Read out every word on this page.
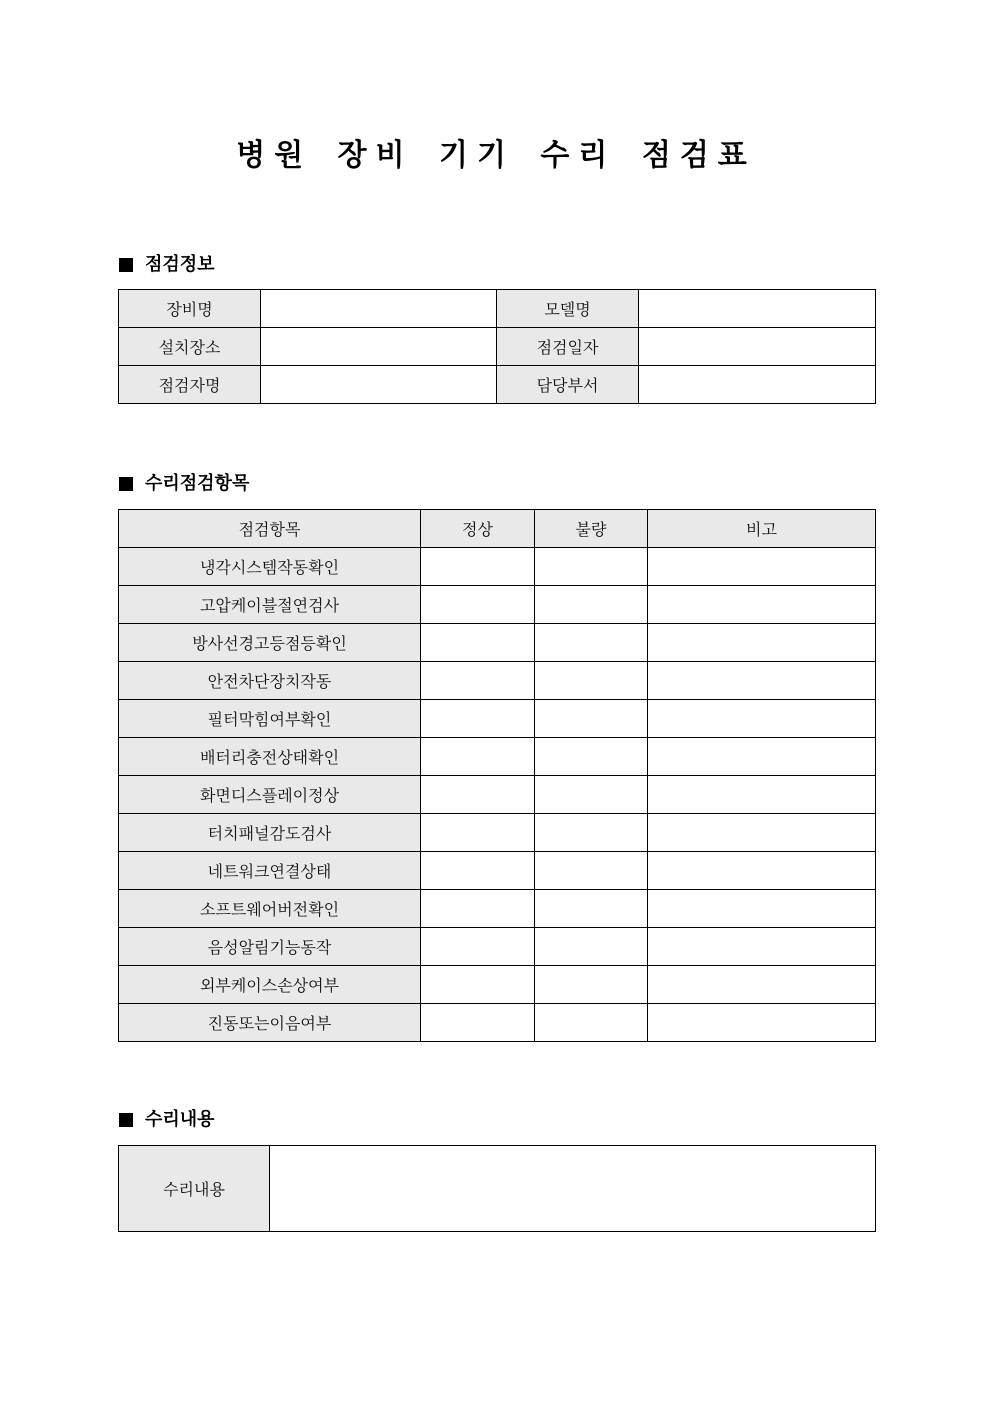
병원 장비 기기 수리 점검표
점검정보
장비명		모델명	
설치장소		점검일자	
점검자명		담당부서	
수리점검항목
점검항목	정상	불량	비고
냉각시스템작동확인			
고압케이블절연검사			
방사선경고등점등확인			
안전차단장치작동			
필터막힘여부확인			
배터리충전상태확인			
화면디스플레이정상			
터치패널감도검사			
네트워크연결상태			
소프트웨어버전확인			
음성알림기능동작			
외부케이스손상여부			
진동또는이음여부			
수리내용
수리내용	
